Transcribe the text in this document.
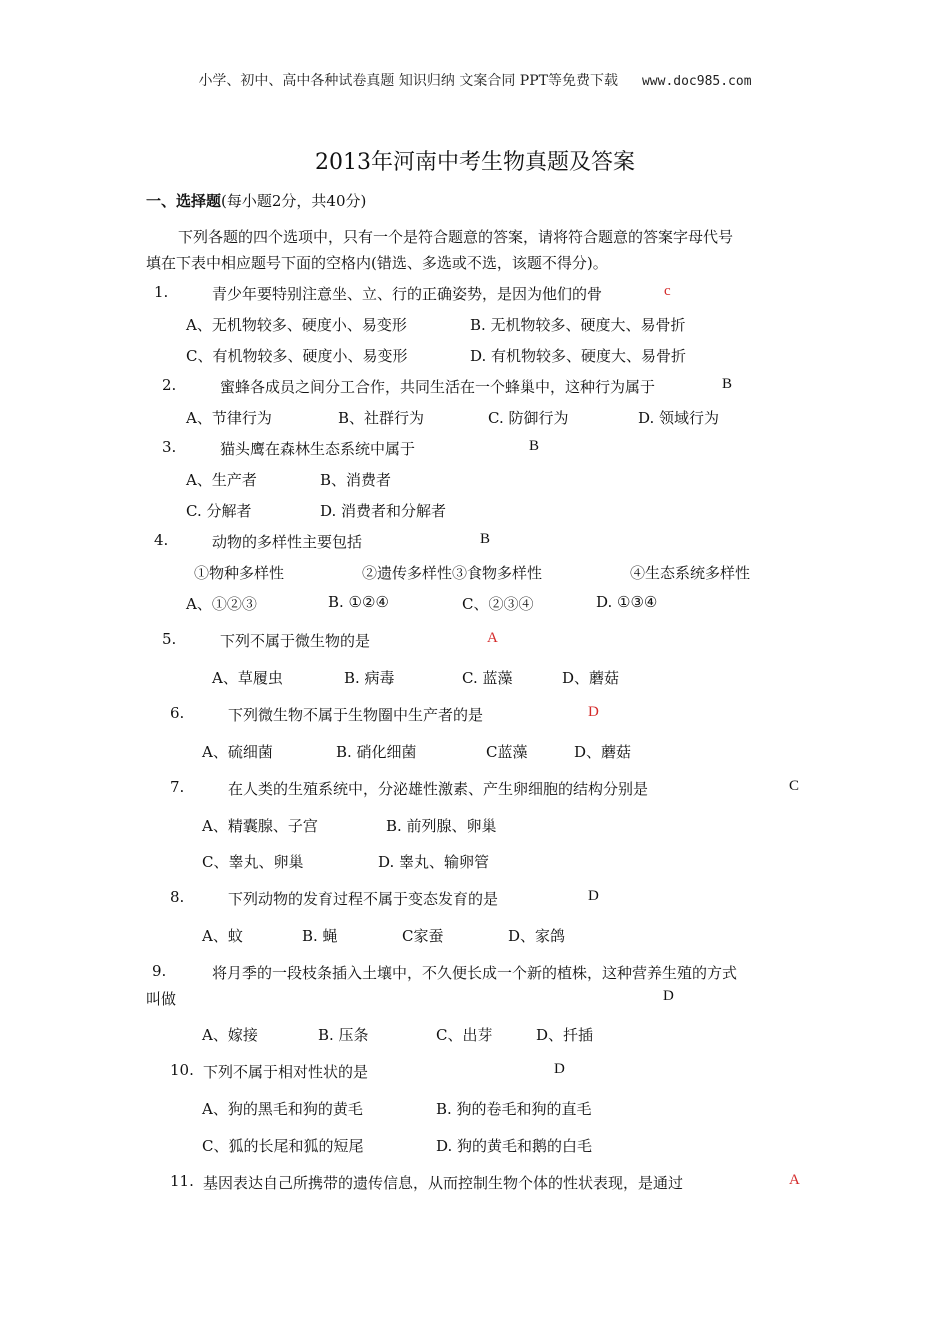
小学、初中、高中各种试卷真题 知识归纳 文案合同 PPT等免费下载 www.doc985.com
2013年河南中考生物真题及答案
一、选择题(每小题2分，共40分)
下列各题的四个选项中，只有一个是符合题意的答案，请将符合题意的答案字母代号
填在下表中相应题号下面的空格内(错选、多选或不选，该题不得分)。
1.	青少年要特别注意坐、立、行的正确姿势，是因为他们的骨	c
A、无机物较多、硬度小、易变形	B. 无机物较多、硬度大、易骨折
C、有机物较多、硬度小、易变形	D. 有机物较多、硬度大、易骨折
2.	蜜蜂各成员之间分工合作，共同生活在一个蜂巢中，这种行为属于	B
A、节律行为	B、社群行为	C. 防御行为	D. 领域行为
3.	猫头鹰在森林生态系统中属于	B
A、生产者	B、消费者
C. 分解者	D. 消费者和分解者
4.	动物的多样性主要包括	B
①物种多样性	②遗传多样性③食物多样性	④生态系统多样性
A、①②③	B. ①②④	C、②③④	D. ①③④
5.	下列不属于微生物的是	A
A、草履虫	B. 病毒	C. 蓝藻	D、蘑菇
6.	下列微生物不属于生物圈中生产者的是	D
A、硫细菌	B. 硝化细菌	C蓝藻	D、蘑菇
7.	在人类的生殖系统中，分泌雄性激素、产生卵细胞的结构分别是	C
A、精囊腺、子宫	B. 前列腺、卵巢
C、睾丸、卵巢	D. 睾丸、输卵管
8.	下列动物的发育过程不属于变态发育的是	D
A、蚊	B. 蝇	C家蚕	D、家鸽
9.	将月季的一段枝条插入土壤中，不久便长成一个新的植株，这种营养生殖的方式
叫做	D
A、嫁接	B. 压条	C、出芽	D、扦插
10. 下列不属于相对性状的是	D
A、狗的黑毛和狗的黄毛	B. 狗的卷毛和狗的直毛
C、狐的长尾和狐的短尾	D. 狗的黄毛和鹅的白毛
11. 基因表达自己所携带的遗传信息，从而控制生物个体的性状表现，是通过	A
